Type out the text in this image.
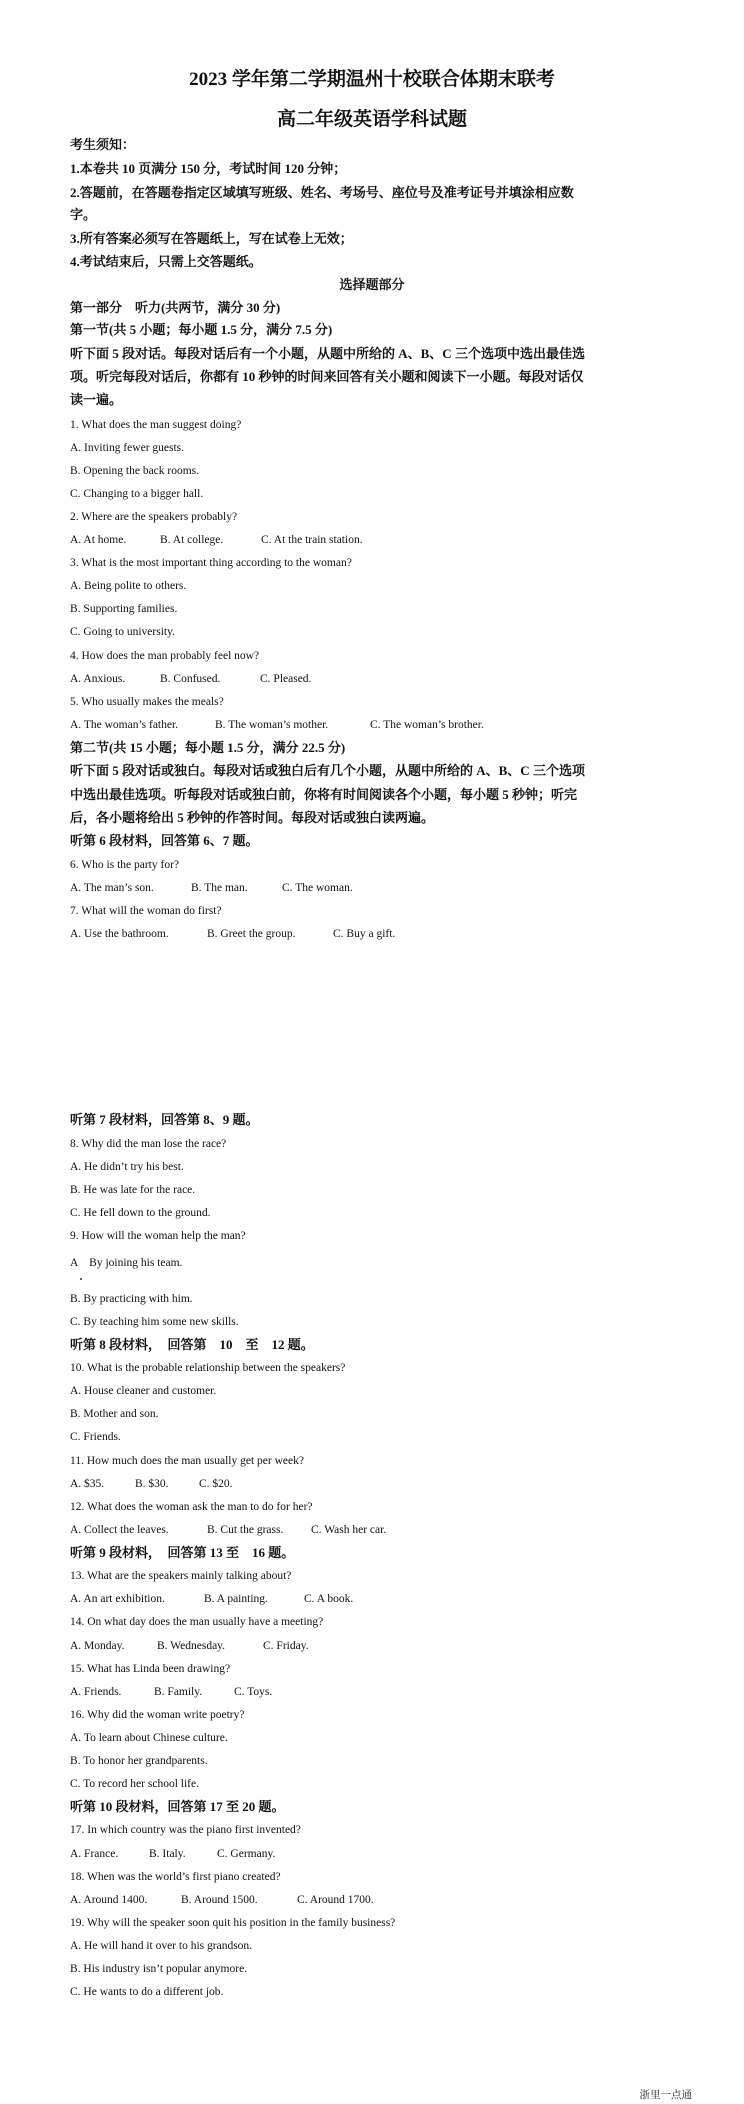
2023 学年第二学期温州十校联合体期末联考
高二年级英语学科试题
考生须知：
1.本卷共 10 页满分 150 分，考试时间 120 分钟；
2.答题前，在答题卷指定区域填写班级、姓名、考场号、座位号及准考证号并填涂相应数
字。
3.所有答案必须写在答题纸上，写在试卷上无效；
4.考试结束后，只需上交答题纸。
选择题部分
第一部分　听力(共两节，满分 30 分)
第一节(共 5 小题；每小题 1.5 分，满分 7.5 分)
听下面 5 段对话。每段对话后有一个小题，从题中所给的 A、B、C 三个选项中选出最佳选
项。听完每段对话后，你都有 10 秒钟的时间来回答有关小题和阅读下一小题。每段对话仅
读一遍。
1. What does the man suggest doing?
A. Inviting fewer guests.
B. Opening the back rooms.
C. Changing to a bigger hall.
2. Where are the speakers probably?
A. At home.	B. At college.	C. At the train station.
3. What is the most important thing according to the woman?
A. Being polite to others.
B. Supporting families.
C. Going to university.
4. How does the man probably feel now?
A. Anxious.	B. Confused.	C. Pleased.
5. Who usually makes the meals?
A. The woman’s father.	B. The woman’s mother.	C. The woman’s brother.
第二节(共 15 小题；每小题 1.5 分，满分 22.5 分)
听下面 5 段对话或独白。每段对话或独白后有几个小题，从题中所给的 A、B、C 三个选项
中选出最佳选项。听每段对话或独白前，你将有时间阅读各个小题，每小题 5 秒钟；听完
后，各小题将给出 5 秒钟的作答时间。每段对话或独白读两遍。
听第 6 段材料，回答第 6、7 题。
6. Who is the party for?
A. The man’s son.	B. The man.	C. The woman.
7. What will the woman do first?
A. Use the bathroom.	B. Greet the group.	C. Buy a gift.
听第 7 段材料，回答第 8、9 题。
8. Why did the man lose the race?
A. He didn’t try his best.
B. He was late for the race.
C. He fell down to the ground.
9. How will the woman help the man?
A　By joining his team.
B. By practicing with him.
C. By teaching him some new skills.
听第 8 段材料，　回答第　10　至　12 题。
10. What is the probable relationship between the speakers?
A. House cleaner and customer.
B. Mother and son.
C. Friends.
11. How much does the man usually get per week?
A. $35.	B. $30.	C. $20.
12. What does the woman ask the man to do for her?
A. Collect the leaves.	B. Cut the grass. C. Wash her car.
听第 9 段材料，　回答第 13 至　16 题。
13. What are the speakers mainly talking about?
A. An art exhibition.	B. A painting.	C. A book.
14. On what day does the man usually have a meeting?
A. Monday.	B. Wednesday.	C. Friday.
15. What has Linda been drawing?
A. Friends.	B. Family.	C. Toys.
16. Why did the woman write poetry?
A. To learn about Chinese culture.
B. To honor her grandparents.
C. To record her school life.
听第 10 段材料，回答第 17 至 20 题。
17. In which country was the piano first invented?
A. France.	B. Italy.	C. Germany.
18. When was the world’s first piano created?
A. Around 1400.	B. Around 1500.	C. Around 1700.
19. Why will the speaker soon quit his position in the family business?
A. He will hand it over to his grandson.
B. His industry isn’t popular anymore.
C. He wants to do a different job.
浙里一点通
